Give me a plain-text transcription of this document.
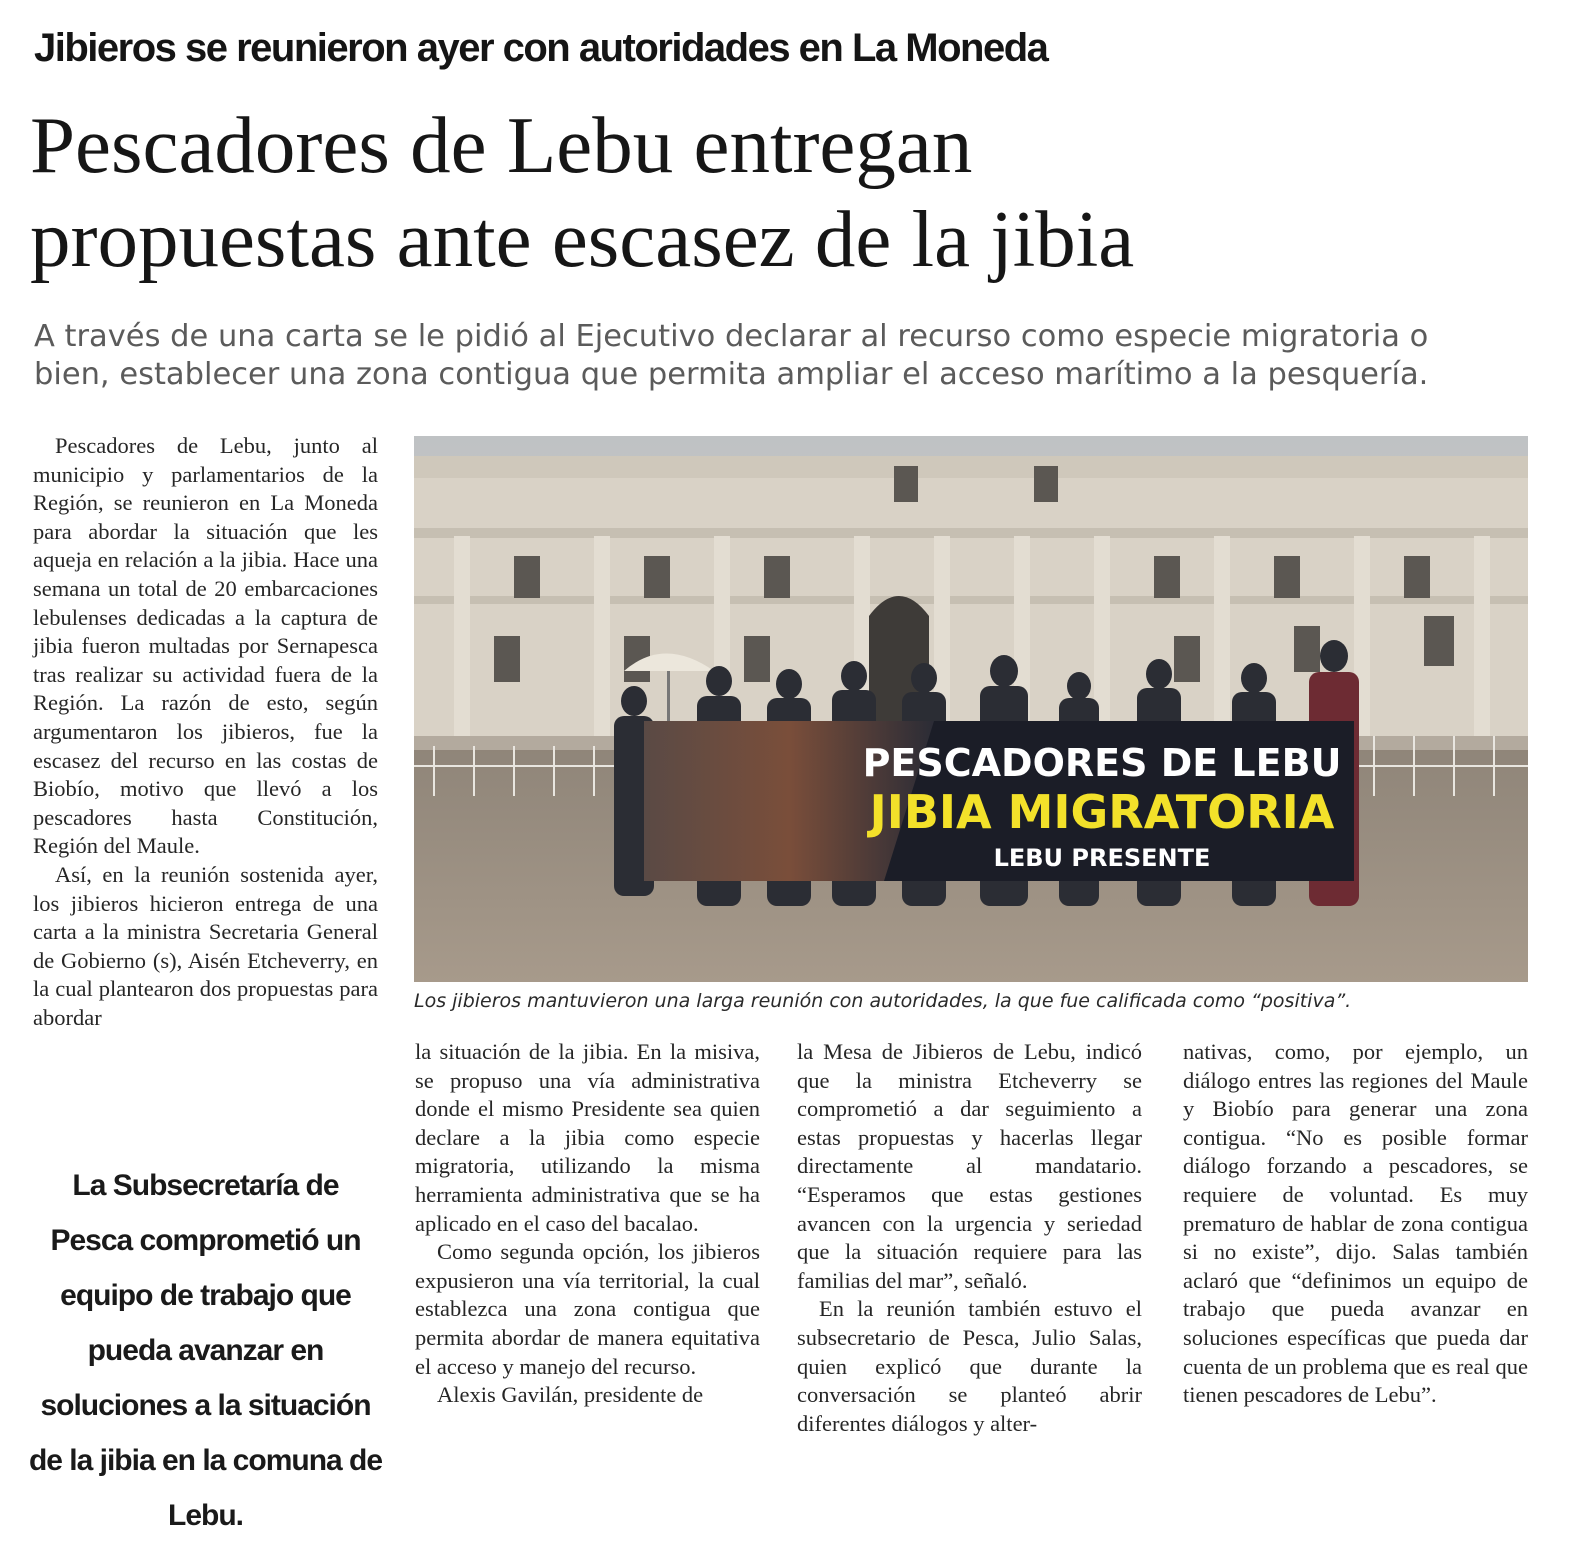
Jibieros se reunieron ayer con autoridades en La Moneda
Pescadores de Lebu entregan
propuestas ante escasez de la jibia
A través de una carta se le pidió al Ejecutivo declarar al recurso como especie migratoria o
bien, establecer una zona contigua que permita ampliar el acceso marítimo a la pesquería.

Pescadores de Lebu, junto al municipio y parlamentarios de la Región, se reunieron en La Moneda para abordar la situación que les aqueja en relación a la jibia. Hace una semana un total de 20 embarcaciones lebulenses dedicadas a la captura de jibia fueron multadas por Sernapesca tras realizar su actividad fuera de la Región. La razón de esto, según argumentaron los jibieros, fue la escasez del recurso en las costas de Biobío, motivo que llevó a los pescadores hasta Constitución, Región del Maule.

Así, en la reunión sostenida ayer, los jibieros hicieron entrega de una carta a la ministra Secretaria General de Gobierno (s), Aisén Etcheverry, en la cual plantearon dos propuestas para abordar

PESCADORES DE LEBU
JIBIA MIGRATORIA
LEBU PRESENTE
Los jibieros mantuvieron una larga reunión con autoridades, la que fue calificada como “positiva”.

la situación de la jibia. En la misiva, se propuso una vía administrativa donde el mismo Presidente sea quien declare a la jibia como especie migratoria, utilizando la misma herramienta administrativa que se ha aplicado en el caso del bacalao.

Como segunda opción, los jibieros expusieron una vía territorial, la cual establezca una zona contigua que permita abordar de manera equitativa el acceso y manejo del recurso.

Alexis Gavilán, presidente de

la Mesa de Jibieros de Lebu, indicó que la ministra Etcheverry se comprometió a dar seguimiento a estas propuestas y hacerlas llegar directamente al mandatario. “Esperamos que estas gestiones avancen con la urgencia y seriedad que la situación requiere para las familias del mar”, señaló.

En la reunión también estuvo el subsecretario de Pesca, Julio Salas, quien explicó que durante la conversación se planteó abrir diferentes diálogos y alter-

nativas, como, por ejemplo, un diálogo entres las regiones del Maule y Biobío para generar una zona contigua. “No es posible formar diálogo forzando a pescadores, se requiere de voluntad. Es muy prematuro de hablar de zona contigua si no existe”, dijo. Salas también aclaró que “definimos un equipo de trabajo que pueda avanzar en soluciones específicas que pueda dar cuenta de un problema que es real que tienen pescadores de Lebu”.

La Subsecretaría de Pesca comprometió un equipo de trabajo que pueda avanzar en soluciones a la situación de la jibia en la comuna de Lebu.
